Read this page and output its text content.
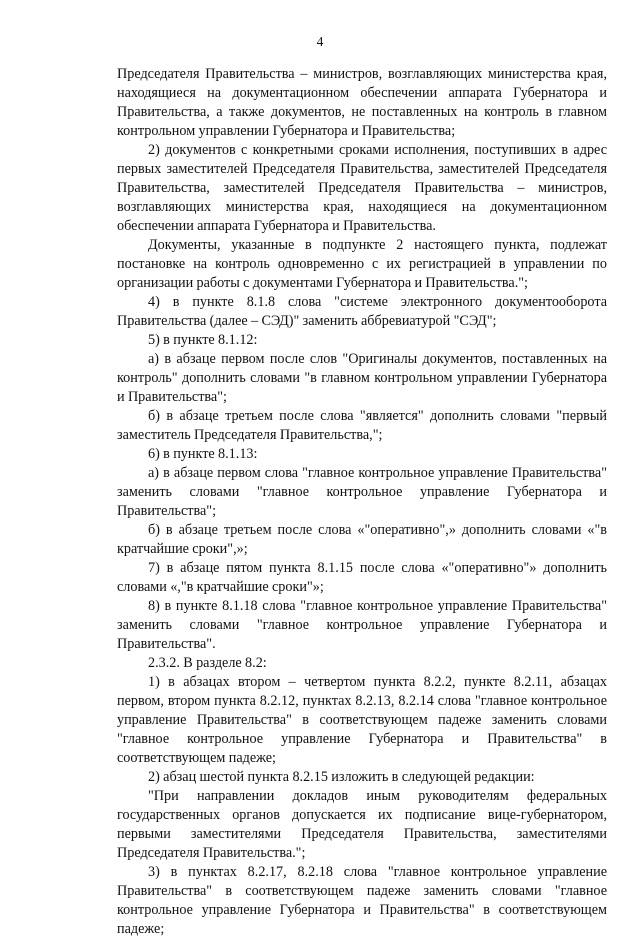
4

Председателя Правительства – министров, возглавляющих министерства края, находящиеся на документационном обеспечении аппарата Губернатора и Правительства, а также документов, не поставленных на контроль в главном контрольном управлении Губернатора и Правительства;

2) документов с конкретными сроками исполнения, поступивших в адрес первых заместителей Председателя Правительства, заместителей Председателя Правительства, заместителей Председателя Правительства – министров, возглавляющих министерства края, находящиеся на документационном обеспечении аппарата Губернатора и Правительства.

Документы, указанные в подпункте 2 настоящего пункта, подлежат постановке на контроль одновременно с их регистрацией в управлении по организации работы с документами Губернатора и Правительства.";

4) в пункте 8.1.8 слова "системе электронного документооборота Правительства (далее – СЭД)" заменить аббревиатурой "СЭД";

5) в пункте 8.1.12:

а) в абзаце первом после слов "Оригиналы документов, поставленных на контроль" дополнить словами "в главном контрольном управлении Губернатора и Правительства";

б) в абзаце третьем после слова "является" дополнить словами "первый заместитель Председателя Правительства,";

6) в пункте 8.1.13:

а) в абзаце первом слова "главное контрольное управление Правительства" заменить словами "главное контрольное управление Губернатора и Правительства";

б) в абзаце третьем после слова «"оперативно",» дополнить словами «"в кратчайшие сроки",»;

7) в абзаце пятом пункта 8.1.15 после слова «"оперативно"» дополнить словами «,"в кратчайшие сроки"»;

8) в пункте 8.1.18 слова "главное контрольное управление Правительства" заменить словами "главное контрольное управление Губернатора и Правительства".

2.3.2. В разделе 8.2:

1) в абзацах втором – четвертом пункта 8.2.2, пункте 8.2.11, абзацах первом, втором пункта 8.2.12, пунктах 8.2.13, 8.2.14 слова "главное контрольное управление Правительства" в соответствующем падеже заменить словами "главное контрольное управление Губернатора и Правительства" в соответствующем падеже;

2) абзац шестой пункта 8.2.15 изложить в следующей редакции:

"При направлении докладов иным руководителям федеральных государственных органов допускается их подписание вице-губернатором, первыми заместителями Председателя Правительства, заместителями Председателя Правительства.";

3) в пунктах 8.2.17, 8.2.18 слова "главное контрольное управление Правительства" в соответствующем падеже заменить словами "главное контрольное управление Губернатора и Правительства" в соответствующем падеже;
